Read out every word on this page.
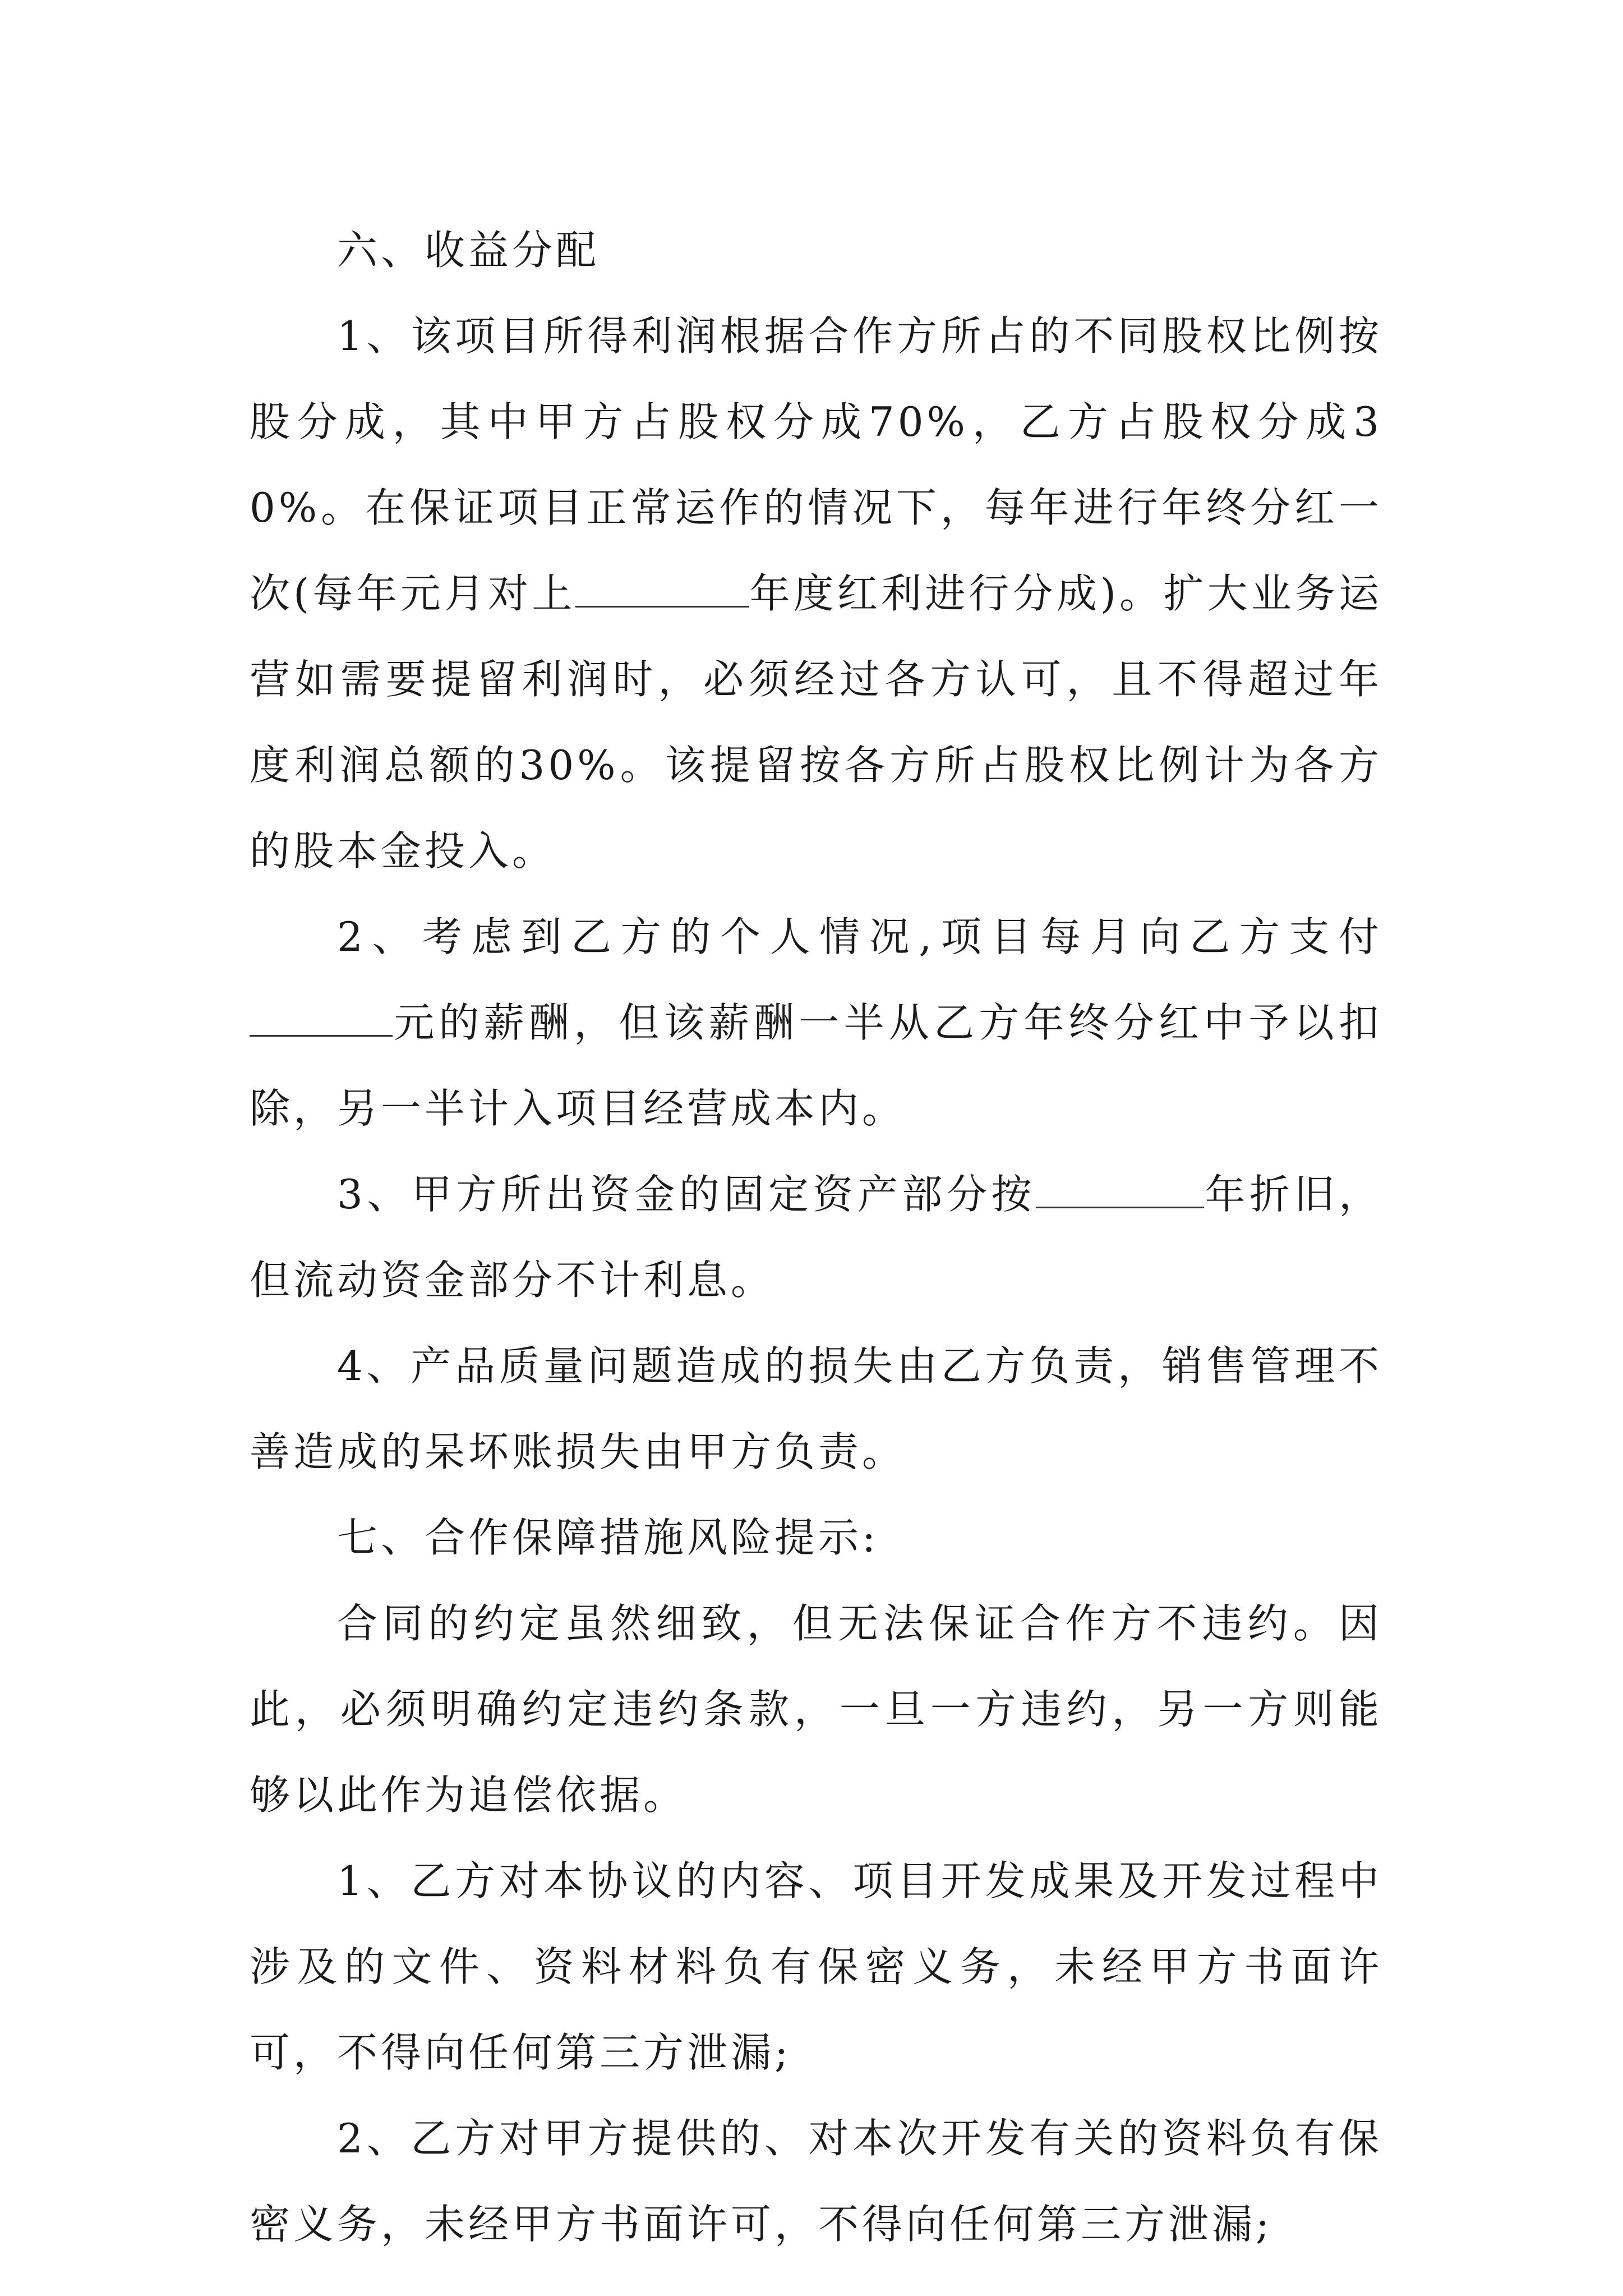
六、收益分配

1、该项目所得利润根据合作方所占的不同股权比例按股分成，其中甲方占股权分成70%，乙方占股权分成30%。在保证项目正常运作的情况下，每年进行年终分红一次(每年元月对上	年度红利进行分成)。扩大业务运营如需要提留利润时，必须经过各方认可，且不得超过年度利润总额的30%。该提留按各方所占股权比例计为各方的股本金投入。

2、考虑到乙方的个人情况,项目每月向乙方支付元的薪酬，但该薪酬一半从乙方年终分红中予以扣除，另一半计入项目经营成本内。

3、甲方所出资金的固定资产部分按	年折旧，但流动资金部分不计利息。

4、产品质量问题造成的损失由乙方负责，销售管理不善造成的呆坏账损失由甲方负责。

七、合作保障措施风险提示:

合同的约定虽然细致，但无法保证合作方不违约。因此，必须明确约定违约条款，一旦一方违约，另一方则能够以此作为追偿依据。

1、乙方对本协议的内容、项目开发成果及开发过程中涉及的文件、资料材料负有保密义务，未经甲方书面许可，不得向任何第三方泄漏;

2、乙方对甲方提供的、对本次开发有关的资料负有保密义务，未经甲方书面许可，不得向任何第三方泄漏;
